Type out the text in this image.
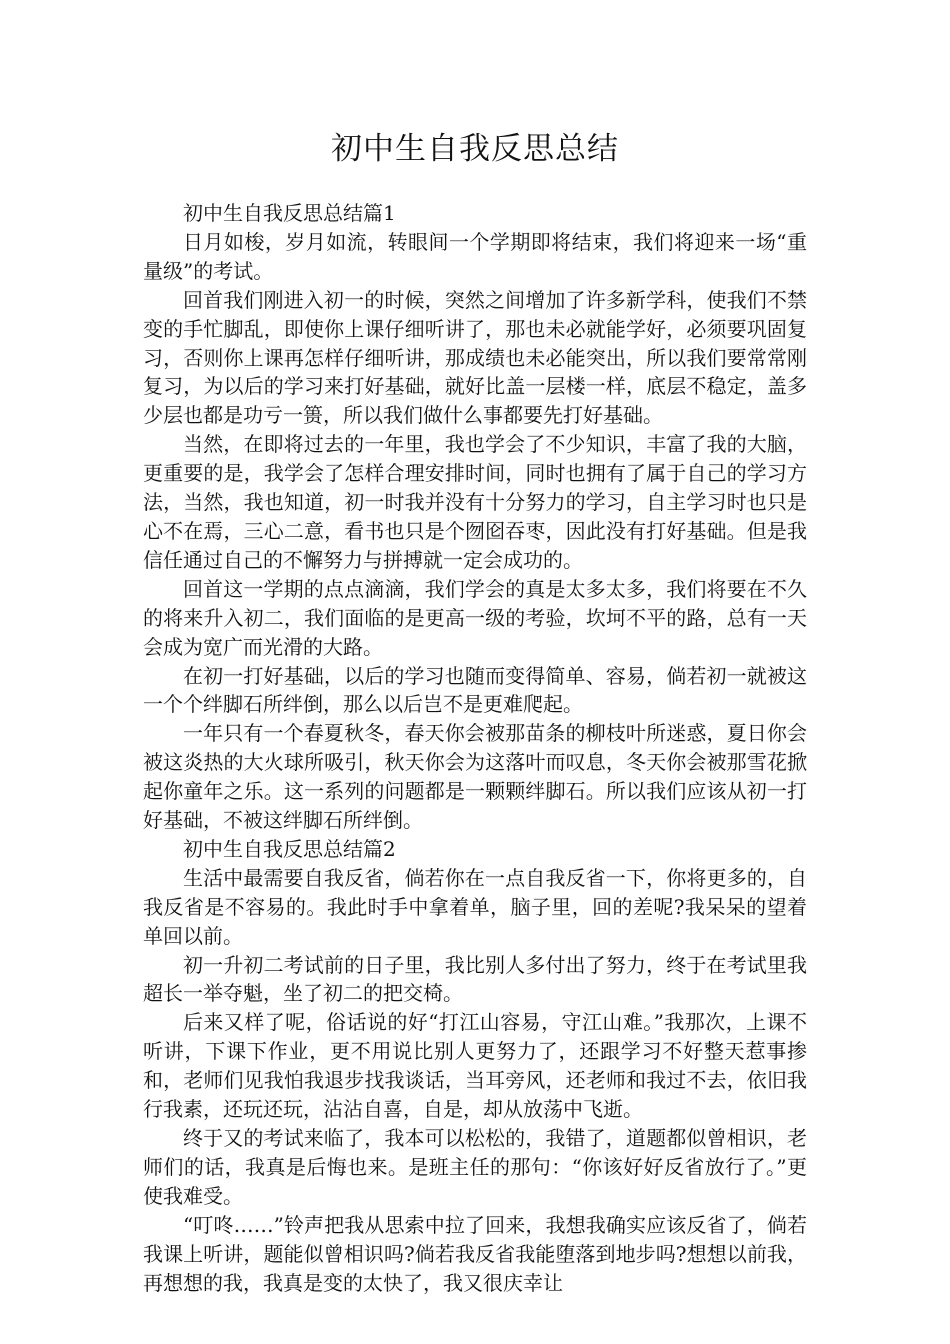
初中生自我反思总结

初中生自我反思总结篇1

日月如梭，岁月如流，转眼间一个学期即将结束，我们将迎来一场“重量级”的考试。

回首我们刚进入初一的时候，突然之间增加了许多新学科，使我们不禁变的手忙脚乱，即使你上课仔细听讲了，那也未必就能学好，必须要巩固复习，否则你上课再怎样仔细听讲，那成绩也未必能突出，所以我们要常常刚复习，为以后的学习来打好基础，就好比盖一层楼一样，底层不稳定，盖多少层也都是功亏一篑，所以我们做什么事都要先打好基础。

当然，在即将过去的一年里，我也学会了不少知识，丰富了我的大脑，更重要的是，我学会了怎样合理安排时间，同时也拥有了属于自己的学习方法，当然，我也知道，初一时我并没有十分努力的学习，自主学习时也只是心不在焉，三心二意，看书也只是个囫囵吞枣，因此没有打好基础。但是我信任通过自己的不懈努力与拼搏就一定会成功的。

回首这一学期的点点滴滴，我们学会的真是太多太多，我们将要在不久的将来升入初二，我们面临的是更高一级的考验，坎坷不平的路，总有一天会成为宽广而光滑的大路。

在初一打好基础，以后的学习也随而变得简单、容易，倘若初一就被这一个个绊脚石所绊倒，那么以后岂不是更难爬起。

一年只有一个春夏秋冬，春天你会被那苗条的柳枝叶所迷惑，夏日你会被这炎热的大火球所吸引，秋天你会为这落叶而叹息，冬天你会被那雪花掀起你童年之乐。这一系列的问题都是一颗颗绊脚石。所以我们应该从初一打好基础，不被这绊脚石所绊倒。

初中生自我反思总结篇2

生活中最需要自我反省，倘若你在一点自我反省一下，你将更多的，自我反省是不容易的。我此时手中拿着单，脑子里，回的差呢?我呆呆的望着单回以前。

初一升初二考试前的日子里，我比别人多付出了努力，终于在考试里我超长一举夺魁，坐了初二的把交椅。

后来又样了呢，俗话说的好“打江山容易，守江山难。”我那次，上课不听讲，下课下作业，更不用说比别人更努力了，还跟学习不好整天惹事掺和，老师们见我怕我退步找我谈话，当耳旁风，还老师和我过不去，依旧我行我素，还玩还玩，沾沾自喜，自是，却从放荡中飞逝。

终于又的考试来临了，我本可以松松的，我错了，道题都似曾相识，老师们的话，我真是后悔也来。是班主任的那句：“你该好好反省放行了。”更使我难受。

“叮咚……”铃声把我从思索中拉了回来，我想我确实应该反省了，倘若我课上听讲，题能似曾相识吗?倘若我反省我能堕落到地步吗?想想以前我，再想想的我，我真是变的太快了，我又很庆幸让
